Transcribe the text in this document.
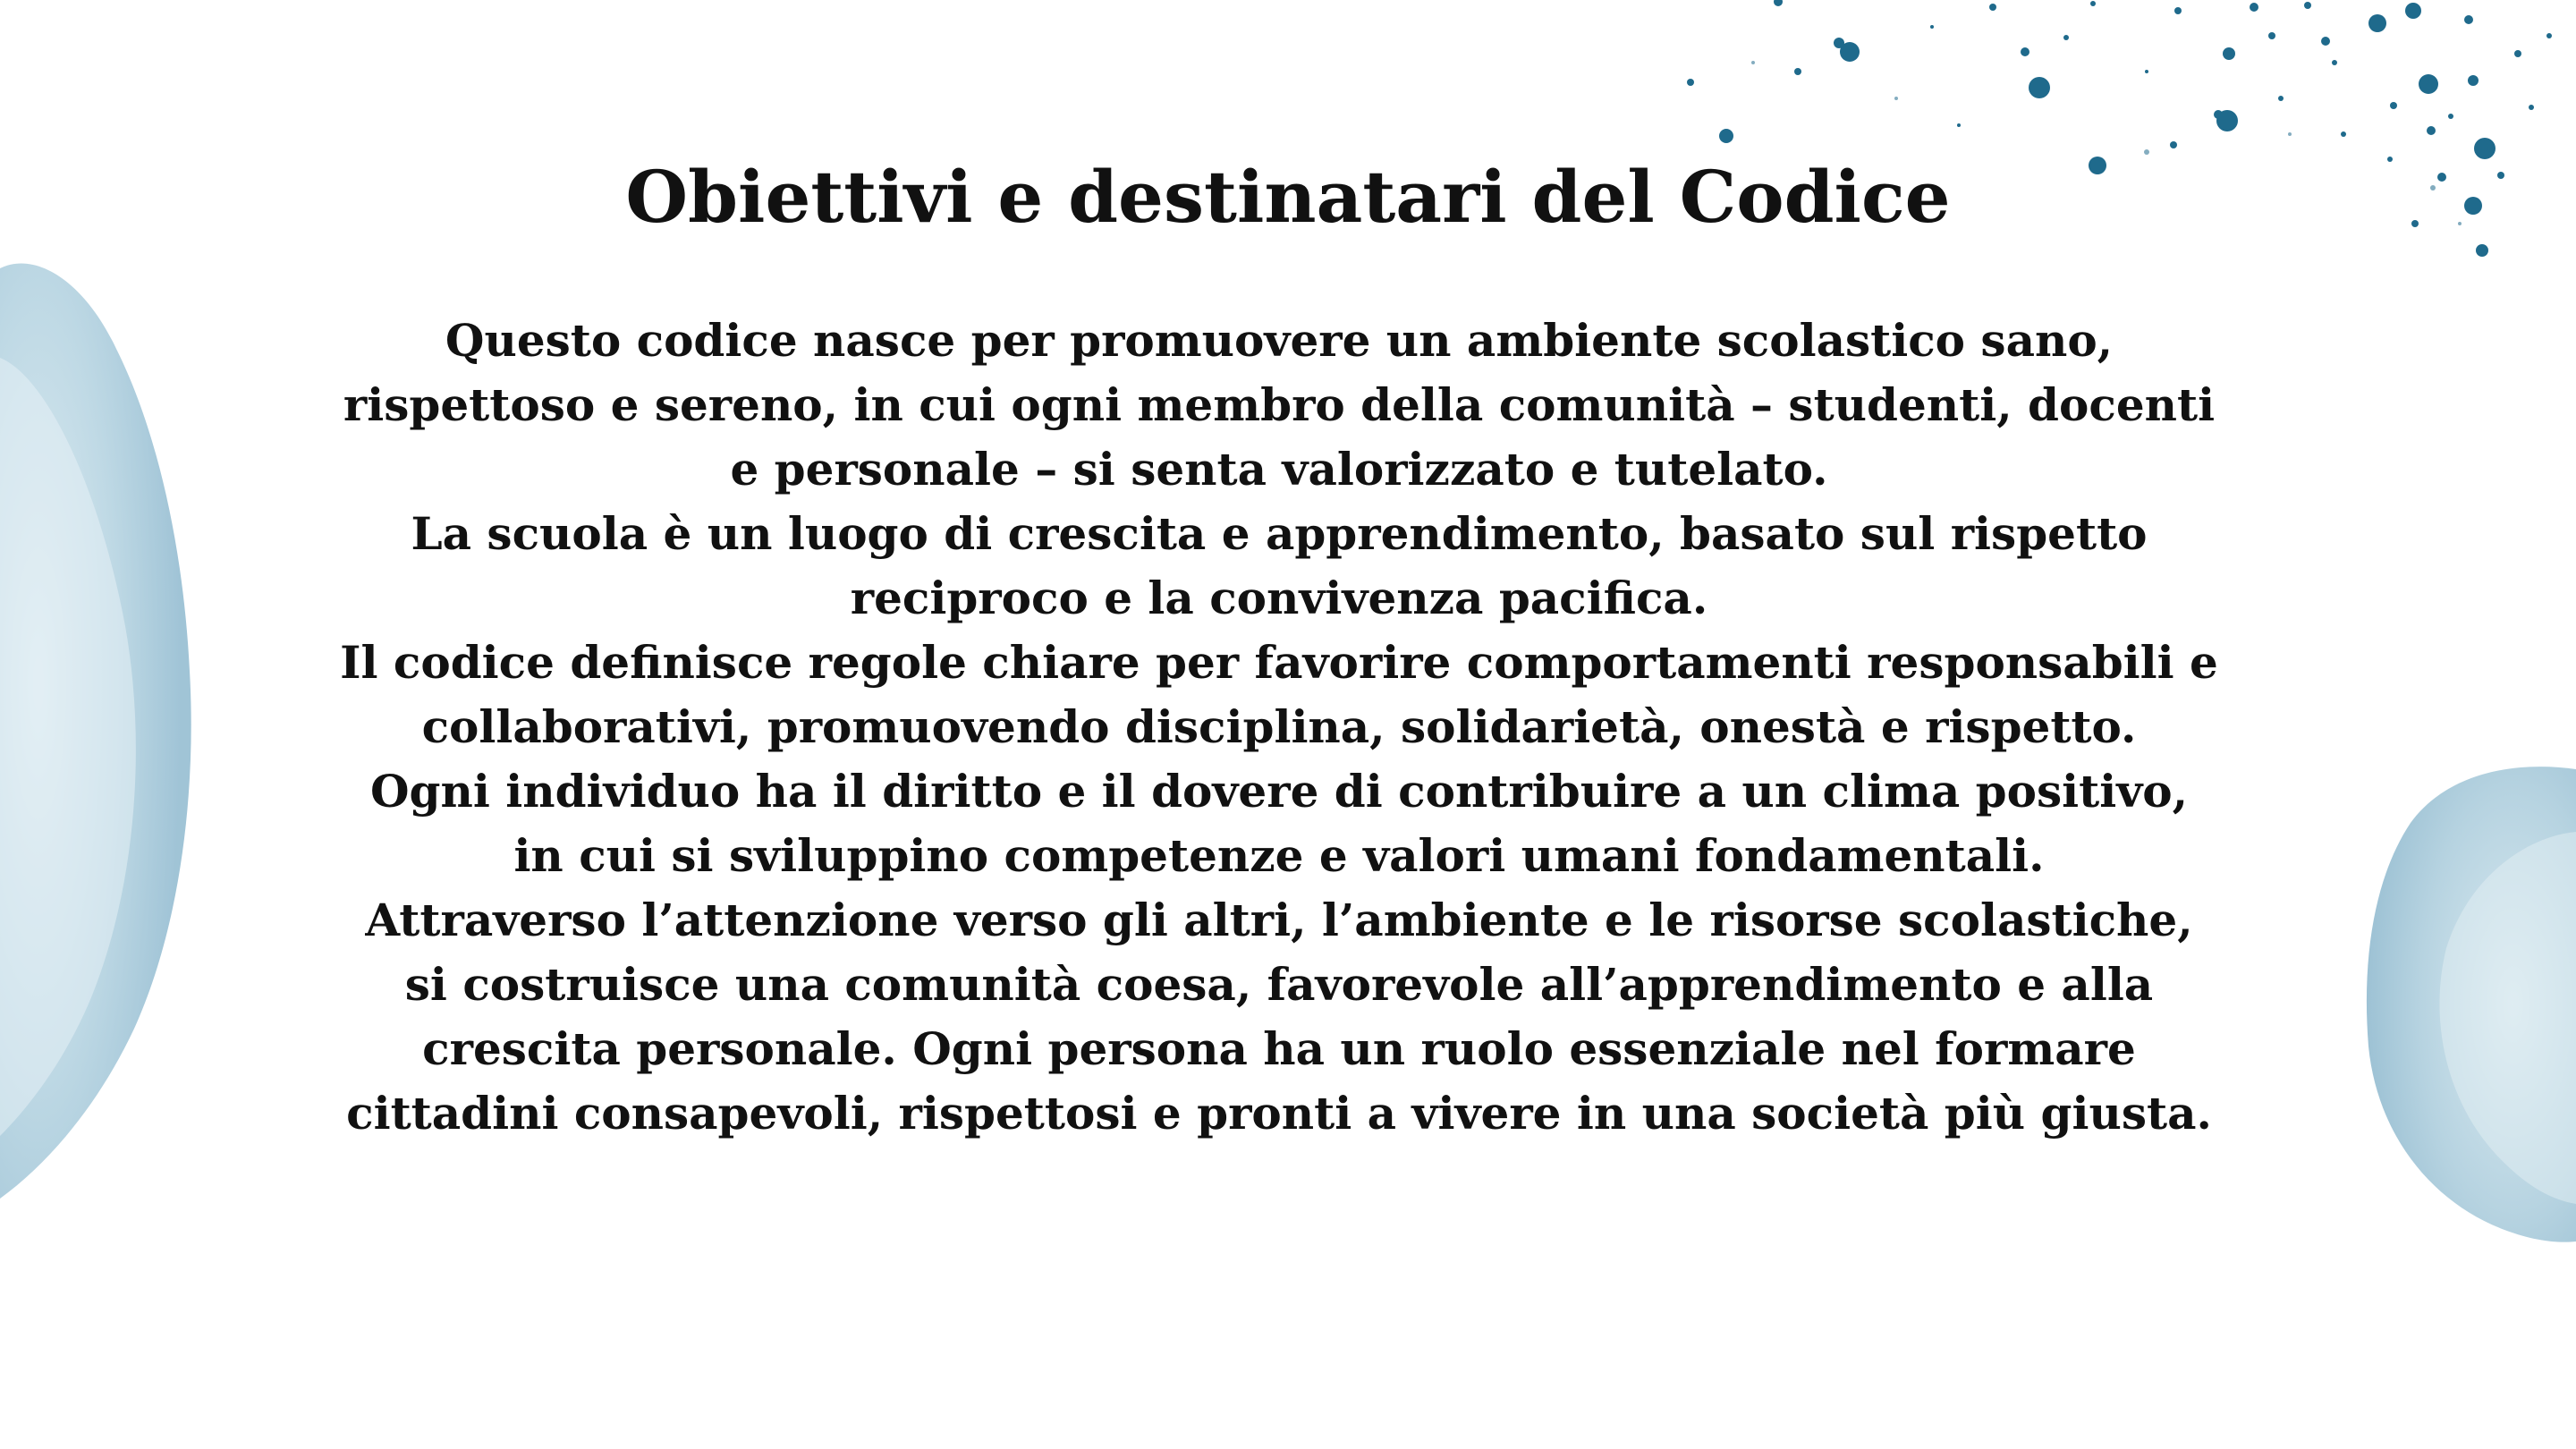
Obiettivi e destinatari del Codice

Questo codice nasce per promuovere un ambiente scolastico sano, rispettoso e sereno, in cui ogni membro della comunità – studenti, docenti e personale – si senta valorizzato e tutelato.

La scuola è un luogo di crescita e apprendimento, basato sul rispetto reciproco e la convivenza pacifica.

Il codice definisce regole chiare per favorire comportamenti responsabili e collaborativi, promuovendo disciplina, solidarietà, onestà e rispetto.

Ogni individuo ha il diritto e il dovere di contribuire a un clima positivo, in cui si sviluppino competenze e valori umani fondamentali.

Attraverso l’attenzione verso gli altri, l’ambiente e le risorse scolastiche, si costruisce una comunità coesa, favorevole all’apprendimento e alla crescita personale. Ogni persona ha un ruolo essenziale nel formare cittadini consapevoli, rispettosi e pronti a vivere in una società più giusta.
